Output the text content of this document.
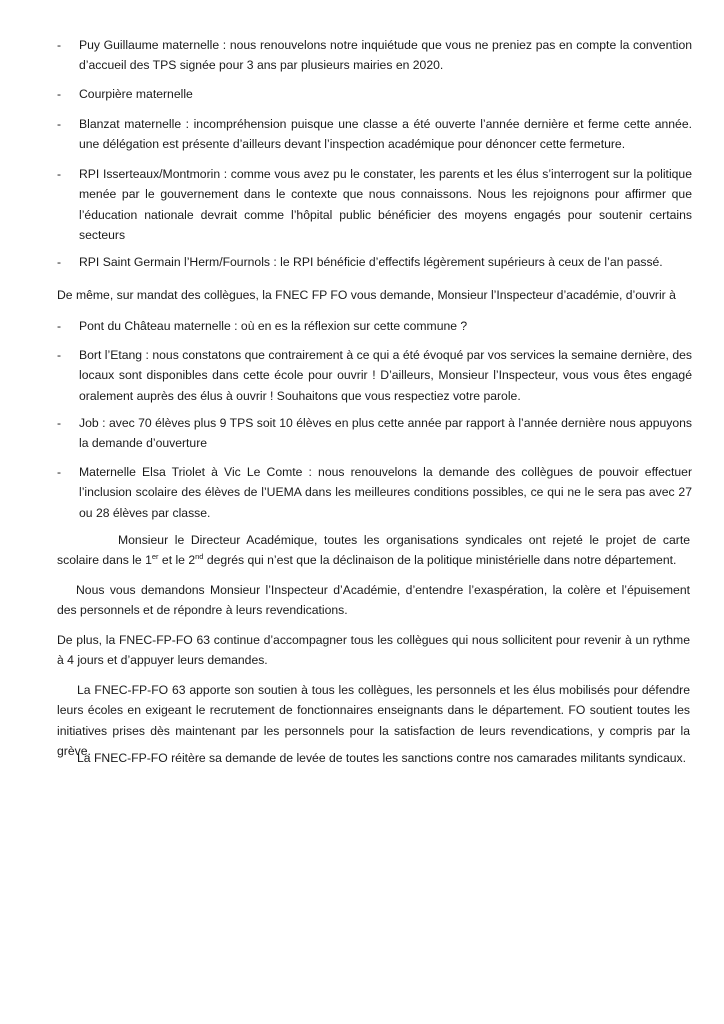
- Puy Guillaume maternelle : nous renouvelons notre inquiétude que vous ne preniez pas en compte la convention d’accueil des TPS signée pour 3 ans par plusieurs mairies en 2020.
- Courpière maternelle
- Blanzat maternelle : incompréhension puisque une classe a été ouverte l’année dernière et ferme cette année. une délégation est présente d’ailleurs devant l’inspection académique pour dénoncer cette fermeture.
- RPI Isserteaux/Montmorin : comme vous avez pu le constater, les parents et les élus s’interrogent sur la politique menée par le gouvernement dans le contexte que nous connaissons. Nous les rejoignons pour affirmer que l’éducation nationale devrait comme l’hôpital public bénéficier des moyens engagés pour soutenir certains secteurs
- RPI Saint Germain l’Herm/Fournols : le RPI bénéficie d’effectifs légèrement supérieurs à ceux de l’an passé.
De même, sur mandat des collègues, la FNEC FP FO vous demande, Monsieur l’Inspecteur d’académie, d’ouvrir à
- Pont du Château maternelle : où en es la réflexion sur cette commune ?
- Bort l’Etang : nous constatons que contrairement à ce qui a été évoqué par vos services la semaine dernière, des locaux sont disponibles dans cette école pour ouvrir ! D’ailleurs, Monsieur l’Inspecteur, vous vous êtes engagé oralement auprès des élus à ouvrir ! Souhaitons que vous respectiez votre parole.
- Job : avec 70 élèves plus 9 TPS soit 10 élèves en plus cette année par rapport à l’année dernière nous appuyons la demande d’ouverture
- Maternelle Elsa Triolet à Vic Le Comte : nous renouvelons la demande des collègues de pouvoir effectuer l’inclusion scolaire des élèves de l’UEMA dans les meilleures conditions possibles, ce qui ne le sera pas avec 27 ou 28 élèves par classe.
Monsieur le Directeur Académique, toutes les organisations syndicales ont rejeté le projet de carte scolaire dans le 1er et le 2nd degrés qui n’est que la déclinaison de la politique ministérielle dans notre département.
Nous vous demandons Monsieur l’Inspecteur d’Académie, d’entendre l’exaspération, la colère et l’épuisement des personnels et de répondre à leurs revendications.
De plus, la FNEC-FP-FO 63 continue d’accompagner tous les collègues qui nous sollicitent pour revenir à un rythme à 4 jours et d’appuyer leurs demandes.
La FNEC-FP-FO 63 apporte son soutien à tous les collègues, les personnels et les élus mobilisés pour défendre leurs écoles en exigeant le recrutement de fonctionnaires enseignants dans le département. FO soutient toutes les initiatives prises dès maintenant par les personnels pour la satisfaction de leurs revendications, y compris par la grève.
La FNEC-FP-FO réitère sa demande de levée de toutes les sanctions contre nos camarades militants syndicaux.
